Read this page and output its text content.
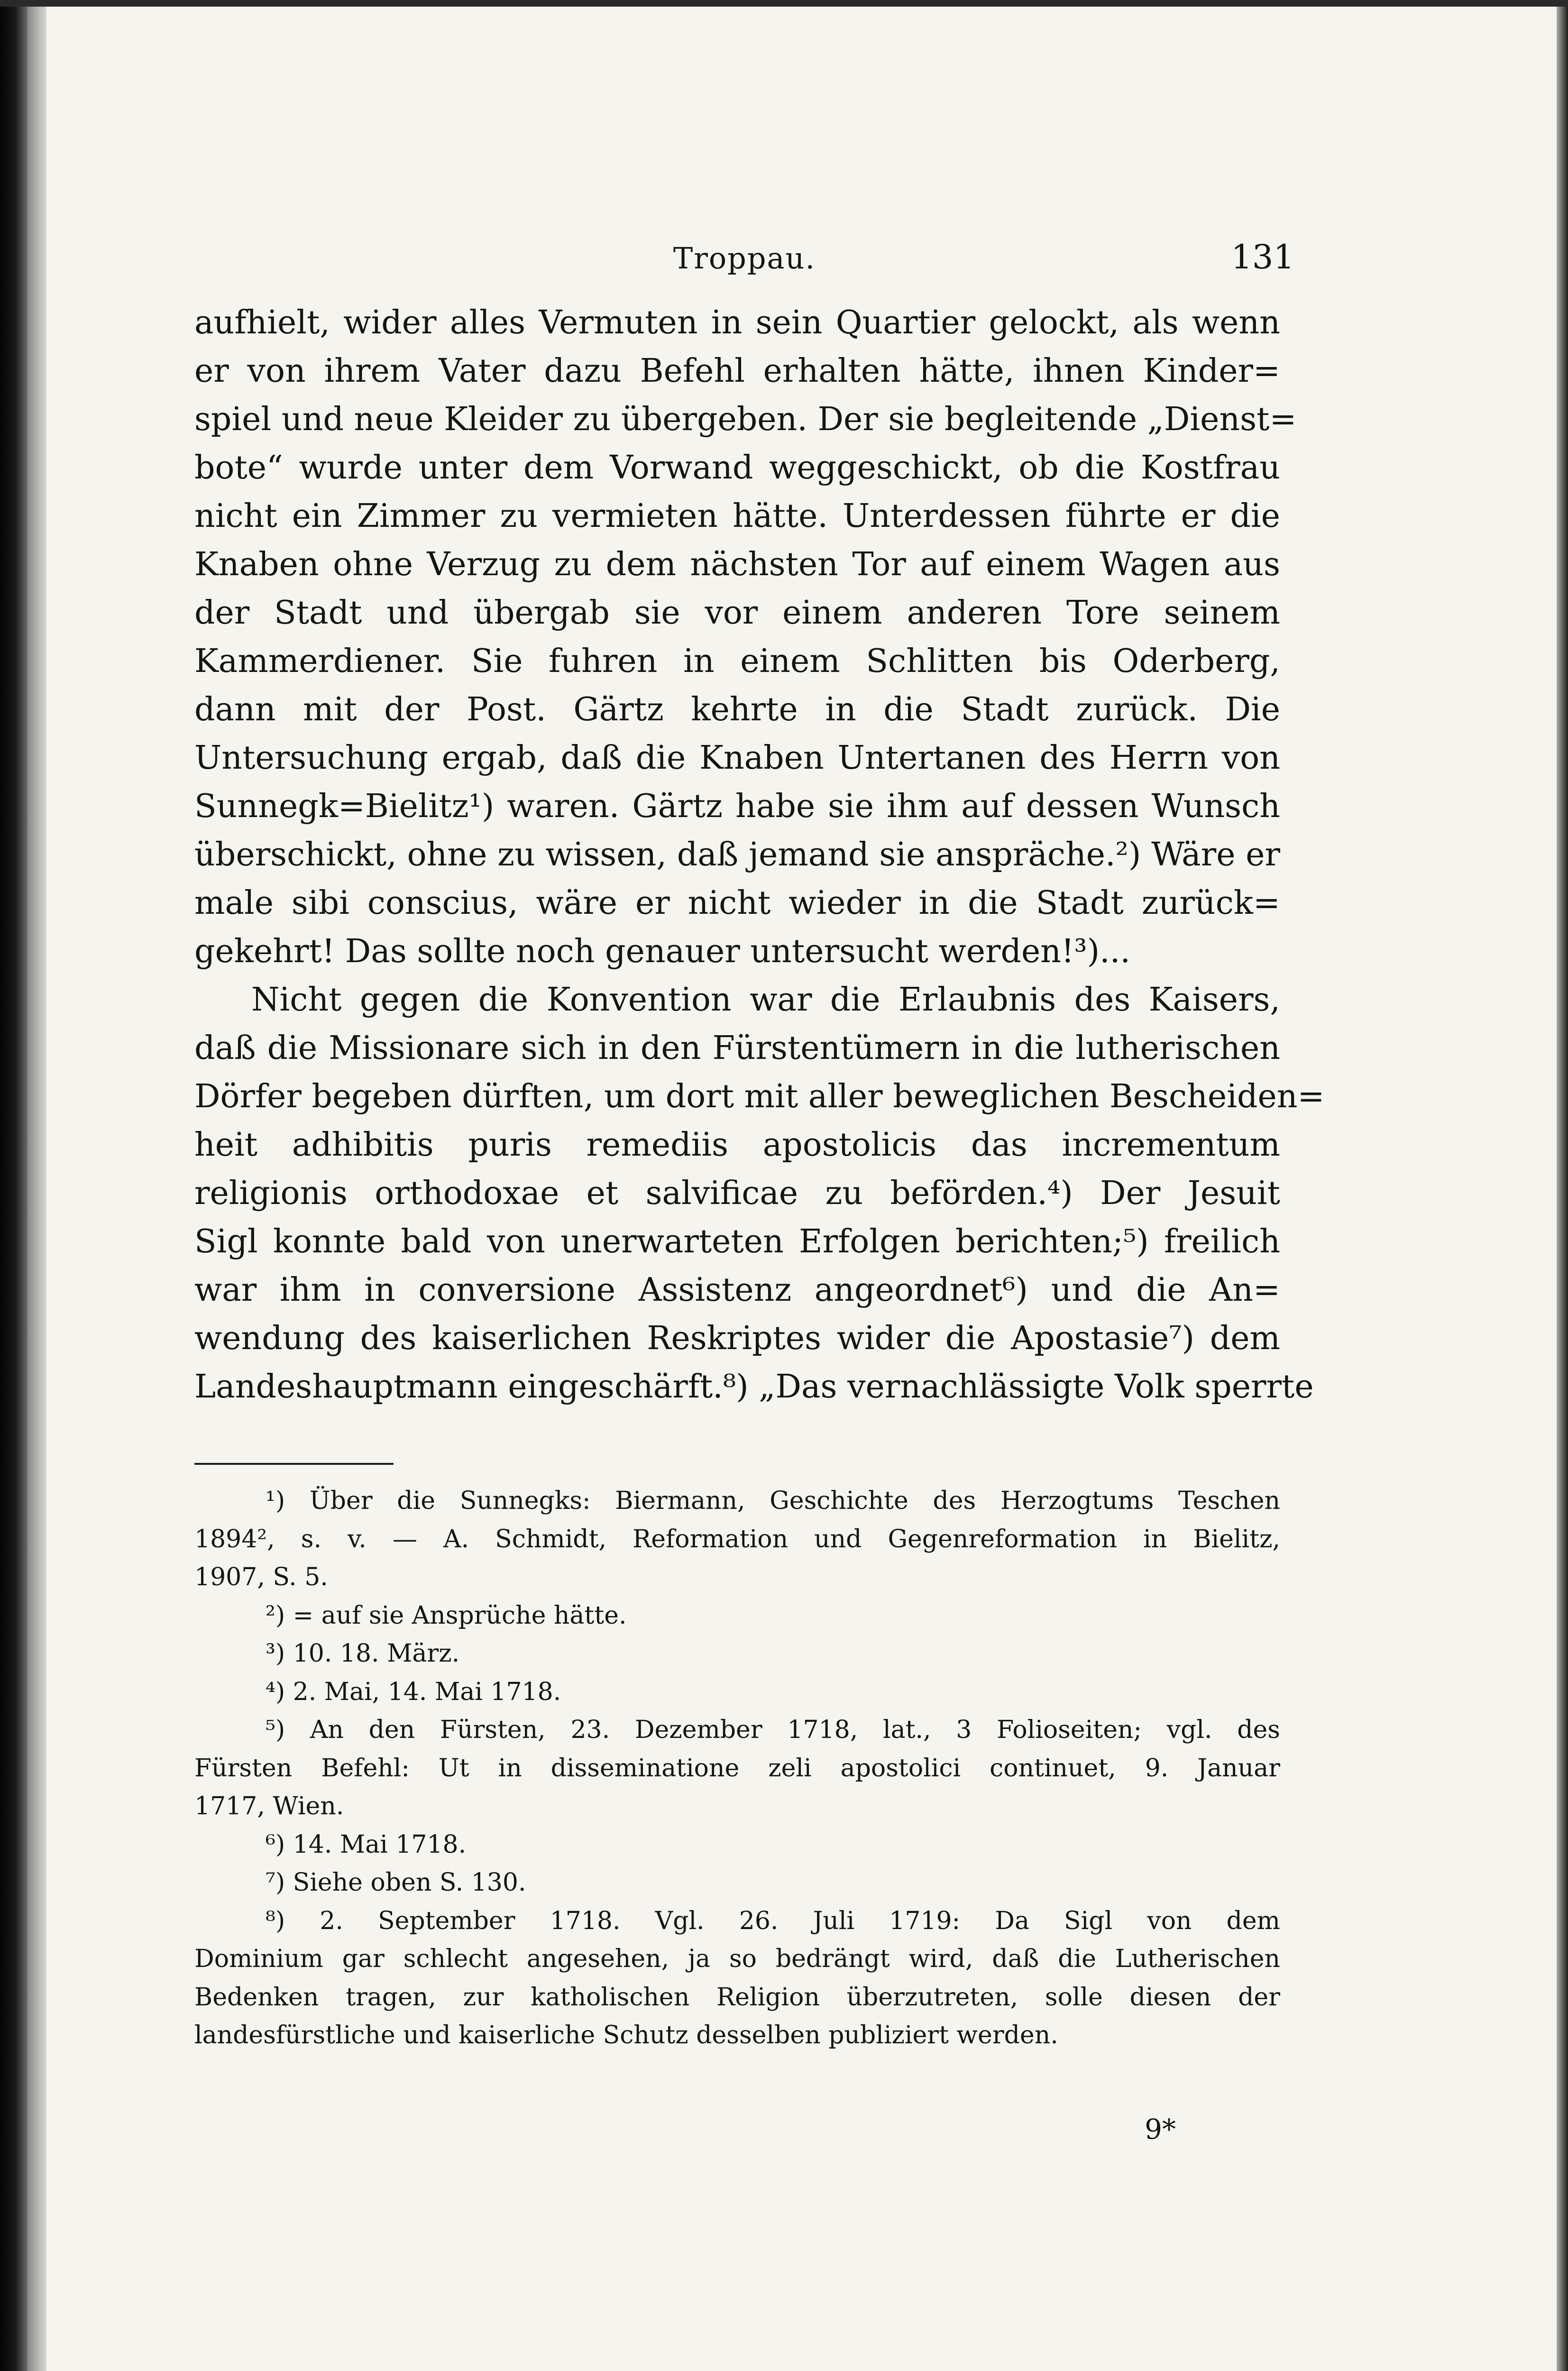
Troppau.	131
aufhielt, wider alles Vermuten in sein Quartier gelockt, als wenn
er von ihrem Vater dazu Befehl erhalten hätte, ihnen Kinder=
spiel und neue Kleider zu übergeben. Der sie begleitende „Dienst=
bote“ wurde unter dem Vorwand weggeschickt, ob die Kostfrau
nicht ein Zimmer zu vermieten hätte. Unterdessen führte er die
Knaben ohne Verzug zu dem nächsten Tor auf einem Wagen aus
der Stadt und übergab sie vor einem anderen Tore seinem
Kammerdiener. Sie fuhren in einem Schlitten bis Oderberg,
dann mit der Post. Gärtz kehrte in die Stadt zurück. Die
Untersuchung ergab, daß die Knaben Untertanen des Herrn von
Sunnegk=Bielitz¹) waren. Gärtz habe sie ihm auf dessen Wunsch
überschickt, ohne zu wissen, daß jemand sie anspräche.²) Wäre er
male sibi conscius, wäre er nicht wieder in die Stadt zurück=
gekehrt! Das sollte noch genauer untersucht werden!³)...
Nicht gegen die Konvention war die Erlaubnis des Kaisers,
daß die Missionare sich in den Fürstentümern in die lutherischen
Dörfer begeben dürften, um dort mit aller beweglichen Bescheiden=
heit adhibitis puris remediis apostolicis das incrementum
religionis orthodoxae et salvificae zu beförden.⁴) Der Jesuit
Sigl konnte bald von unerwarteten Erfolgen berichten;⁵) freilich
war ihm in conversione Assistenz angeordnet⁶) und die An=
wendung des kaiserlichen Reskriptes wider die Apostasie⁷) dem
Landeshauptmann eingeschärft.⁸) „Das vernachlässigte Volk sperrte
¹) Über die Sunnegks: Biermann, Geschichte des Herzogtums Teschen
1894², s. v. — A. Schmidt, Reformation und Gegenreformation in Bielitz,
1907, S. 5.
²) = auf sie Ansprüche hätte.
³) 10. 18. März.
⁴) 2. Mai, 14. Mai 1718.
⁵) An den Fürsten, 23. Dezember 1718, lat., 3 Folioseiten; vgl. des
Fürsten Befehl: Ut in disseminatione zeli apostolici continuet, 9. Januar
1717, Wien.
⁶) 14. Mai 1718.
⁷) Siehe oben S. 130.
⁸) 2. September 1718. Vgl. 26. Juli 1719: Da Sigl von dem
Dominium gar schlecht angesehen, ja so bedrängt wird, daß die Lutherischen
Bedenken tragen, zur katholischen Religion überzutreten, solle diesen der
landesfürstliche und kaiserliche Schutz desselben publiziert werden.
9*
